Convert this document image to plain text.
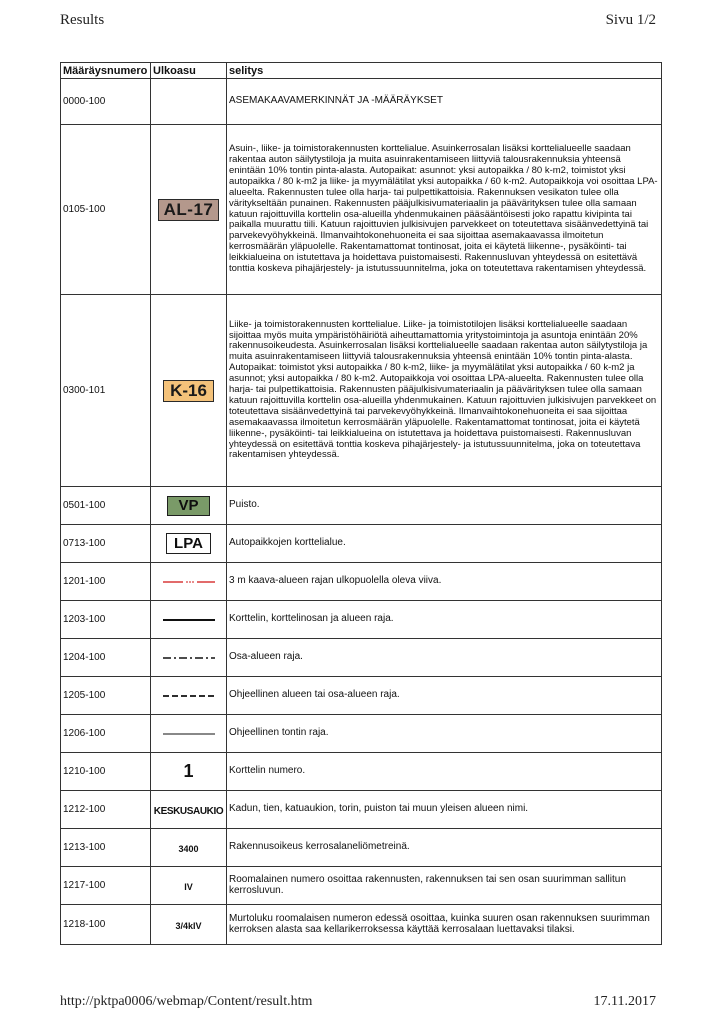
Results	Sivu 1/2
Määräysnumero	Ulkoasu	selitys
0000-100		ASEMAKAAVAMERKINNÄT JA -MÄÄRÄYKSET
0105-100	AL-17	Asuin-, liike- ja toimistorakennusten korttelialue. Asuinkerrosalan lisäksi korttelialueelle saadaan rakentaa auton säilytystiloja ja muita asuinrakentamiseen liittyviä talousrakennuksia yhteensä enintään 10% tontin pinta-alasta. Autopaikat: asunnot: yksi autopaikka / 80 k-m2, toimistot yksi autopaikka / 80 k-m2 ja liike- ja myymälätilat yksi autopaikka / 60 k-m2. Autopaikkoja voi osoittaa LPA-alueelta. Rakennusten tulee olla harja- tai pulpettikattoisia. Rakennuksen vesikaton tulee olla väritykseltään punainen. Rakennusten pääjulkisivumateriaalin ja päävärityksen tulee olla samaan katuun rajoittuvilla korttelin osa-alueilla yhdenmukainen pääsääntöisesti joko rapattu kivipinta tai paikalla muurattu tiili. Katuun rajoittuvien julkisivujen parvekkeet on toteutettava sisäänvedettyinä tai parvekevyöhykkeinä. Ilmanvaihtokonehuoneita ei saa sijoittaa asemakaavassa ilmoitetun kerrosmäärän yläpuolelle. Rakentamattomat tontinosat, joita ei käytetä liikenne-, pysäköinti- tai leikkialueina on istutettava ja hoidettava puistomaisesti. Rakennusluvan yhteydessä on esitettävä tonttia koskeva pihajärjestely- ja istutussuunnitelma, joka on toteutettava rakentamisen yhteydessä.
0300-101	K-16	Liike- ja toimistorakennusten korttelialue. Liike- ja toimistotilojen lisäksi korttelialueelle saadaan sijoittaa myös muita ympäristöhäiriötä aiheuttamattomia yritystoimintoja ja asuntoja enintään 20% rakennusoikeudesta. Asuinkerrosalan lisäksi korttelialueelle saadaan rakentaa auton säilytystiloja ja muita asuinrakentamiseen liittyviä talousrakennuksia yhteensä enintään 10% tontin pinta-alasta. Autopaikat: toimistot yksi autopaikka / 80 k-m2, liike- ja myymälätilat yksi autopaikka / 60 k-m2 ja asunnot; yksi autopaikka / 80 k-m2. Autopaikkoja voi osoittaa LPA-alueelta. Rakennusten tulee olla harja- tai pulpettikattoisia. Rakennusten pääjulkisivumateriaalin ja päävärityksen tulee olla samaan katuun rajoittuvilla korttelin osa-alueilla yhdenmukainen. Katuun rajoittuvien julkisivujen parvekkeet on toteutettava sisäänvedettyinä tai parvekevyöhykkeinä. Ilmanvaihtokonehuoneita ei saa sijoittaa asemakaavassa ilmoitetun kerrosmäärän yläpuolelle. Rakentamattomat tontinosat, joita ei käytetä liikenne-, pysäköinti- tai leikkialueina on istutettava ja hoidettava puistomaisesti. Rakennusluvan yhteydessä on esitettävä tonttia koskeva pihajärjestely- ja istutussuunnitelma, joka on toteutettava rakentamisen yhteydessä.
0501-100	VP	Puisto.
0713-100	LPA	Autopaikkojen korttelialue.
1201-100		3 m kaava-alueen rajan ulkopuolella oleva viiva.
1203-100		Korttelin, korttelinosan ja alueen raja.
1204-100		Osa-alueen raja.
1205-100		Ohjeellinen alueen tai osa-alueen raja.
1206-100		Ohjeellinen tontin raja.
1210-100	1	Korttelin numero.
1212-100	KESKUSAUKIO	Kadun, tien, katuaukion, torin, puiston tai muun yleisen alueen nimi.
1213-100	3400	Rakennusoikeus kerrosalaneliömetreinä.
1217-100	IV	Roomalainen numero osoittaa rakennusten, rakennuksen tai sen osan suurimman sallitun kerrosluvun.
1218-100	3/4kIV	Murtoluku roomalaisen numeron edessä osoittaa, kuinka suuren osan rakennuksen suurimman kerroksen alasta saa kellarikerroksessa käyttää kerrosalaan luettavaksi tilaksi.
http://pktpa0006/webmap/Content/result.htm	17.11.2017
